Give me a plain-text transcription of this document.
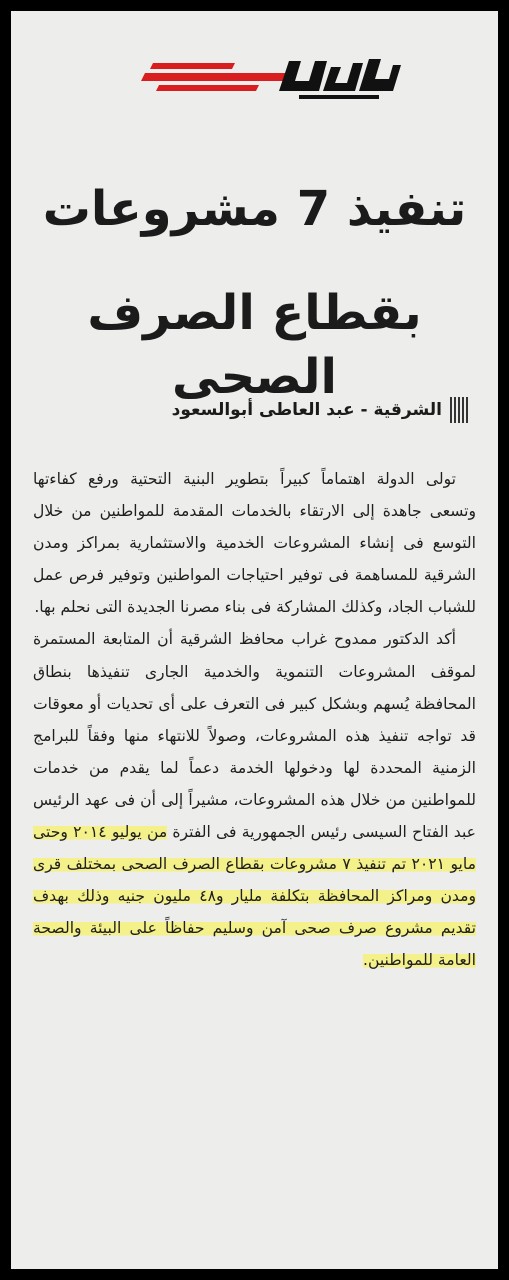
تنفيذ 7 مشروعات
بقطاع الصرف الصحى
الشرقية - عبد العاطى أبوالسعود

تولى الدولة اهتماماً كبيراً بتطوير البنية التحتية ورفع كفاءتها وتسعى جاهدة إلى الارتقاء بالخدمات المقدمة للمواطنين من خلال التوسع فى إنشاء المشروعات الخدمية والاستثمارية بمراكز ومدن الشرقية للمساهمة فى توفير احتياجات المواطنين وتوفير فرص عمل للشباب الجاد، وكذلك المشاركة فى بناء مصرنا الجديدة التى نحلم بها.

أكد الدكتور ممدوح غراب محافظ الشرقية أن المتابعة المستمرة لموقف المشروعات التنموية والخدمية الجارى تنفيذها بنطاق المحافظة يُسهم وبشكل كبير فى التعرف على أى تحديات أو معوقات قد تواجه تنفيذ هذه المشروعات، وصولاً للانتهاء منها وفقاً للبرامج الزمنية المحددة لها ودخولها الخدمة دعماً لما يقدم من خدمات للمواطنين من خلال هذه المشروعات، مشيراً إلى أن فى عهد الرئيس عبد الفتاح السيسى رئيس الجمهورية فى الفترة من يوليو ٢٠١٤ وحتى مايو ٢٠٢١ تم تنفيذ ٧ مشروعات بقطاع الصرف الصحى بمختلف قرى ومدن ومراكز المحافظة بتكلفة مليار و٤٨ مليون جنيه وذلك بهدف تقديم مشروع صرف صحى آمن وسليم حفاظاً على البيئة والصحة العامة للمواطنين.
